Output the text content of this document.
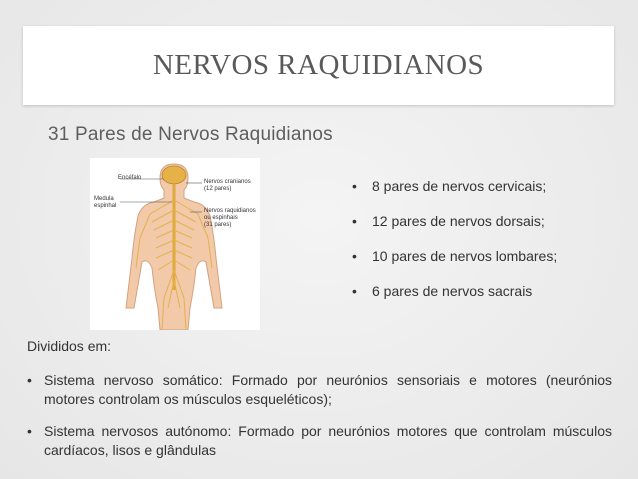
NERVOS RAQUIDIANOS
31 Pares de Nervos Raquidianos
Encéfalo
Medula
espinhal
Nervos cranianos
(12 pares)
Nervos raquidianos
ou espinhais
(31 pares)
• 8 pares de nervos cervicais;
• 12 pares de nervos dorsais;
• 10 pares de nervos lombares;
• 6 pares de nervos sacrais
Divididos em:
• Sistema nervoso somático: Formado por neurónios sensoriais e motores (neurónios motores controlam os músculos esqueléticos);
• Sistema nervosos autónomo: Formado por neurónios motores que controlam músculos cardíacos, lisos e glândulas
